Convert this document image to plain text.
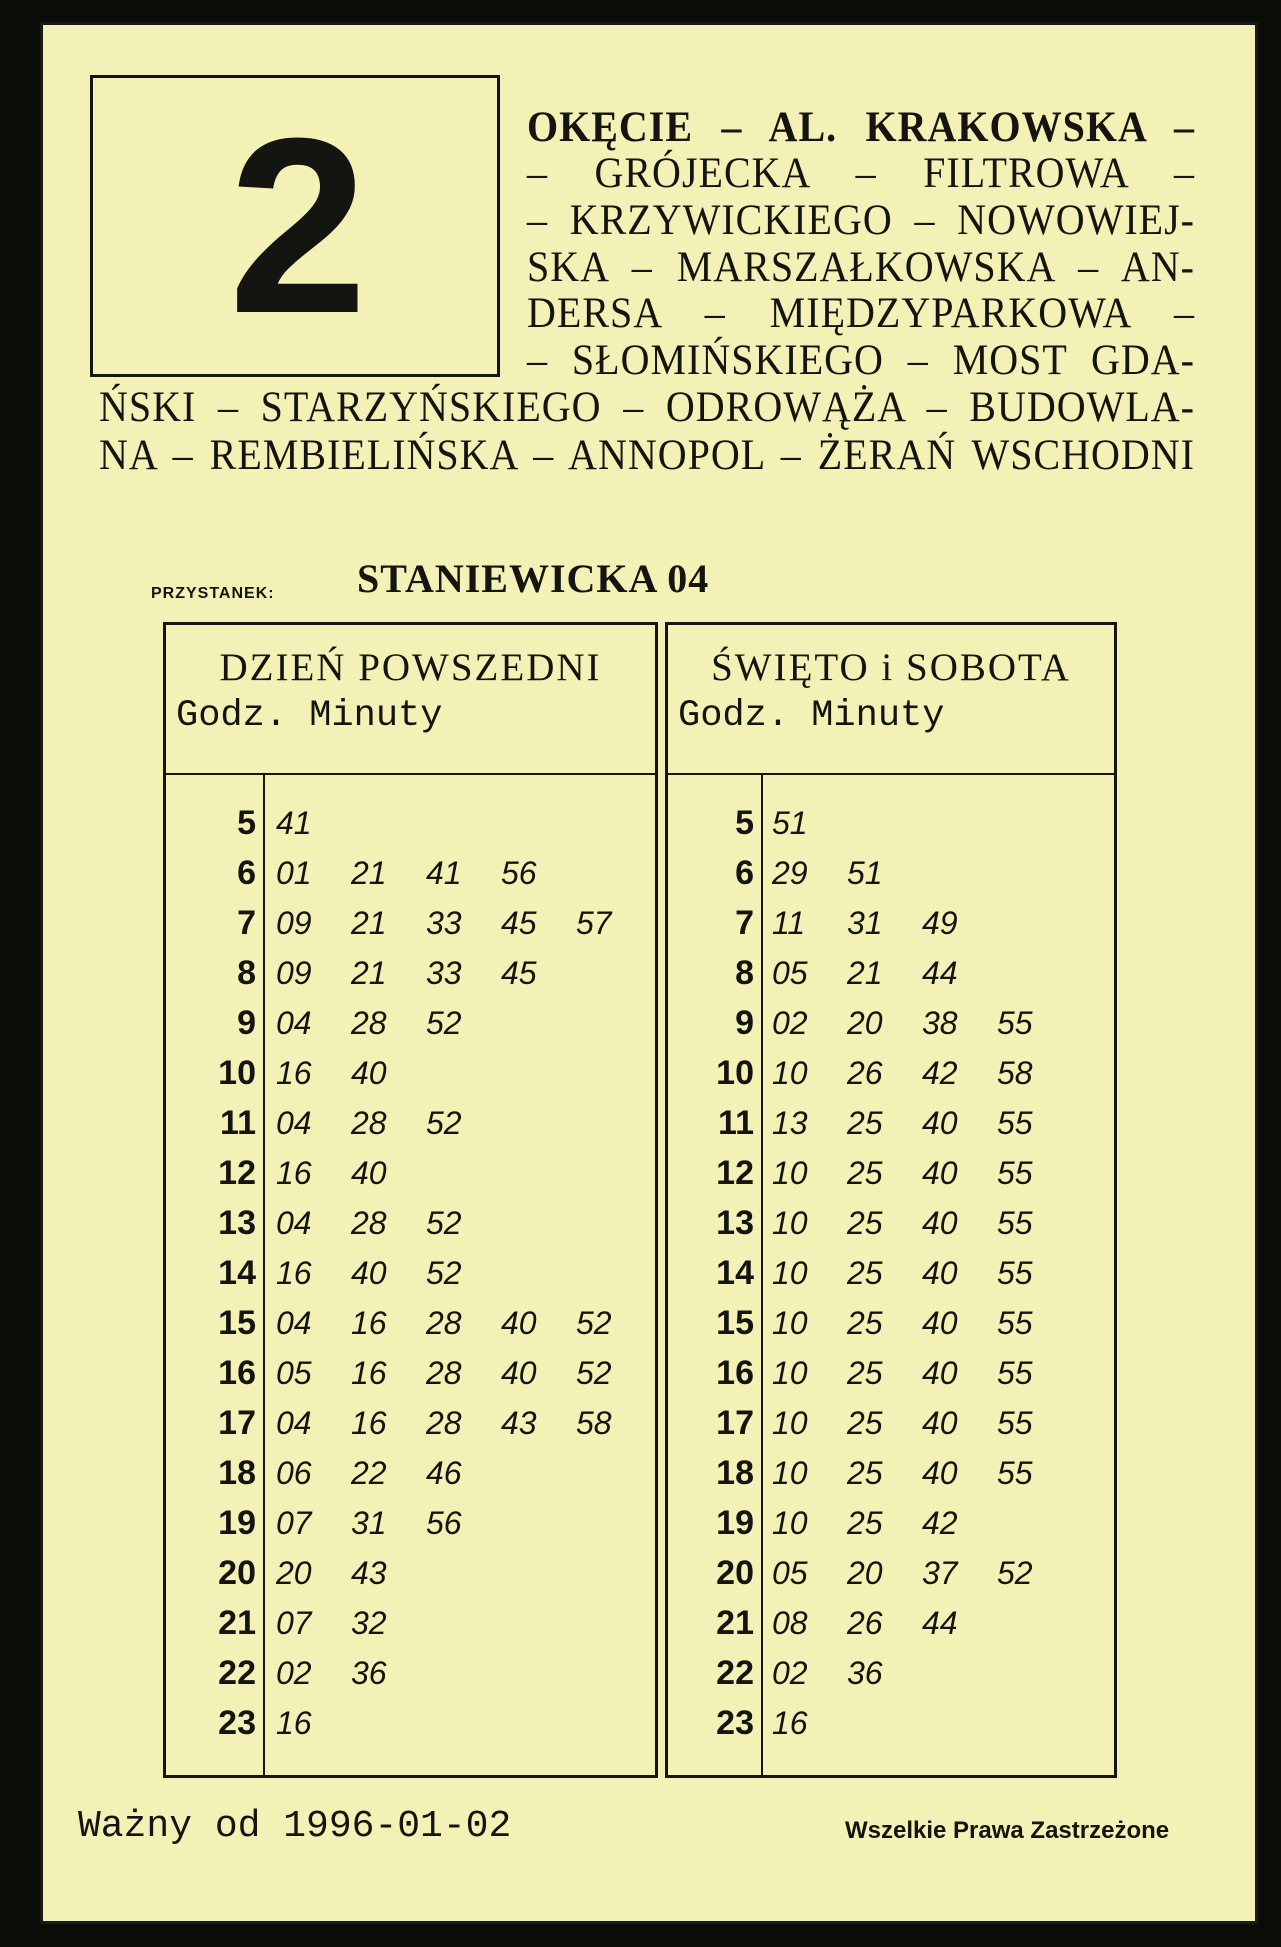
2	OKĘCIE – AL. KRAKOWSKA –
– GRÓJECKA – FILTROWA –
– KRZYWICKIEGO – NOWOWIEJ-
SKA – MARSZAŁKOWSKA – AN-
DERSA – MIĘDZYPARKOWA –
– SŁOMIŃSKIEGO – MOST GDA-
ŃSKI – STARZYŃSKIEGO – ODROWĄŻA – BUDOWLA-
NA – REMBIELIŃSKA – ANNOPOL – ŻERAŃ WSCHODNI
PRZYSTANEK: STANIEWICKA 04
DZIEŃ POWSZEDNI
Godz. Minuty
5 41
6 01 21 41 56
7 09 21 33 45 57
8 09 21 33 45
9 04 28 52
10 16 40
11 04 28 52
12 16 40
13 04 28 52
14 16 40 52
15 04 16 28 40 52
16 05 16 28 40 52
17 04 16 28 43 58
18 06 22 46
19 07 31 56
20 20 43
21 07 32
22 02 36
23 16
ŚWIĘTO i SOBOTA
Godz. Minuty
5 51
6 29 51
7 11 31 49
8 05 21 44
9 02 20 38 55
10 10 26 42 58
11 13 25 40 55
12 10 25 40 55
13 10 25 40 55
14 10 25 40 55
15 10 25 40 55
16 10 25 40 55
17 10 25 40 55
18 10 25 40 55
19 10 25 42
20 05 20 37 52
21 08 26 44
22 02 36
23 16
Ważny od 1996-01-02	Wszelkie Prawa Zastrzeżone
